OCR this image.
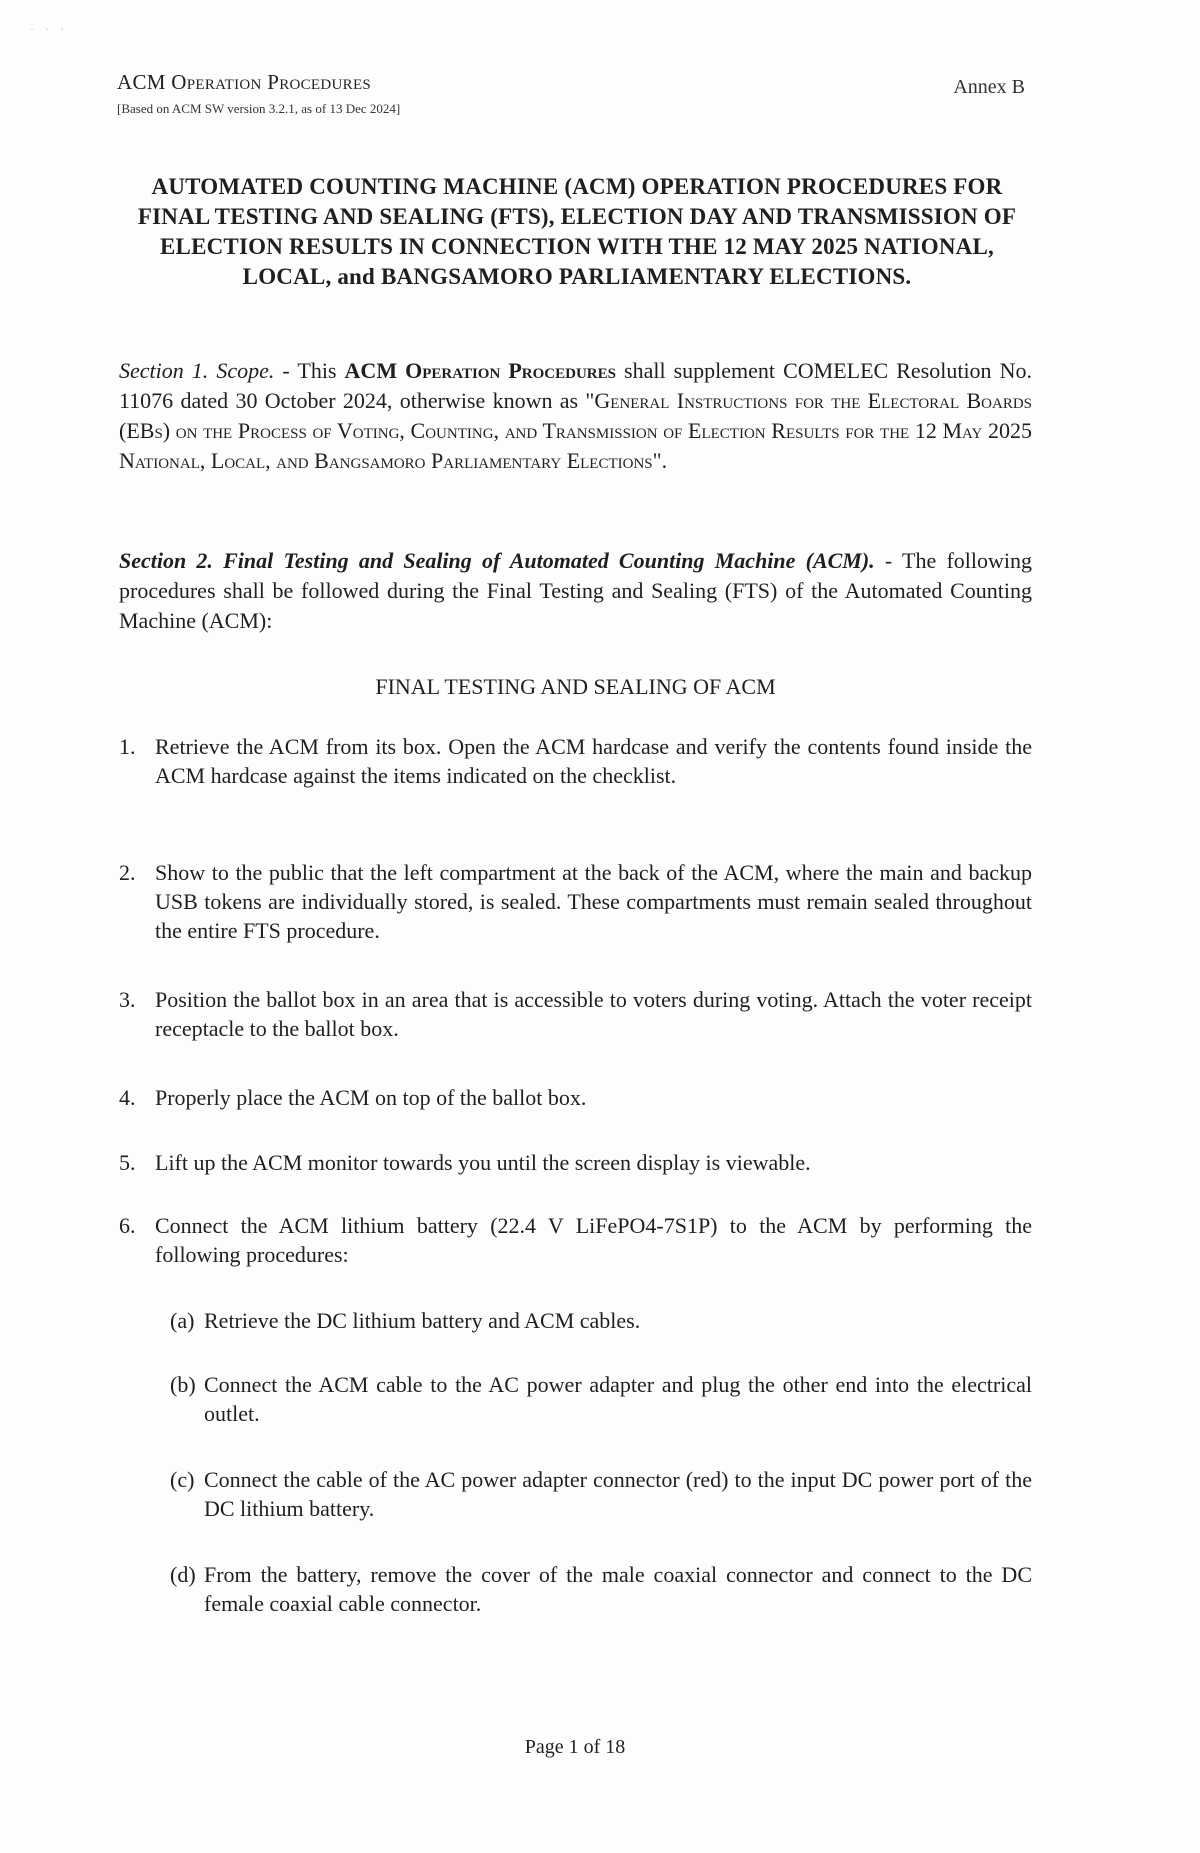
· · ·
ACM Operation Procedures
[Based on ACM SW version 3.2.1, as of 13 Dec 2024]
Annex B
AUTOMATED COUNTING MACHINE (ACM) OPERATION PROCEDURES FOR FINAL TESTING AND SEALING (FTS), ELECTION DAY AND TRANSMISSION OF ELECTION RESULTS IN CONNECTION WITH THE 12 MAY 2025 NATIONAL, LOCAL, and BANGSAMORO PARLIAMENTARY ELECTIONS.
Section 1. Scope. - This ACM Operation Procedures shall supplement COMELEC Resolution No. 11076 dated 30 October 2024, otherwise known as "General Instructions for the Electoral Boards (EBs) on the Process of Voting, Counting, and Transmission of Election Results for the 12 May 2025 National, Local, and Bangsamoro Parliamentary Elections".
Section 2. Final Testing and Sealing of Automated Counting Machine (ACM). - The following procedures shall be followed during the Final Testing and Sealing (FTS) of the Automated Counting Machine (ACM):
FINAL TESTING AND SEALING OF ACM
1. Retrieve the ACM from its box. Open the ACM hardcase and verify the contents found inside the ACM hardcase against the items indicated on the checklist.
2. Show to the public that the left compartment at the back of the ACM, where the main and backup USB tokens are individually stored, is sealed. These compartments must remain sealed throughout the entire FTS procedure.
3. Position the ballot box in an area that is accessible to voters during voting. Attach the voter receipt receptacle to the ballot box.
4. Properly place the ACM on top of the ballot box.
5. Lift up the ACM monitor towards you until the screen display is viewable.
6. Connect the ACM lithium battery (22.4 V LiFePO4-7S1P) to the ACM by performing the following procedures:
(a) Retrieve the DC lithium battery and ACM cables.
(b) Connect the ACM cable to the AC power adapter and plug the other end into the electrical outlet.
(c) Connect the cable of the AC power adapter connector (red) to the input DC power port of the DC lithium battery.
(d) From the battery, remove the cover of the male coaxial connector and connect to the DC female coaxial cable connector.
Page 1 of 18
